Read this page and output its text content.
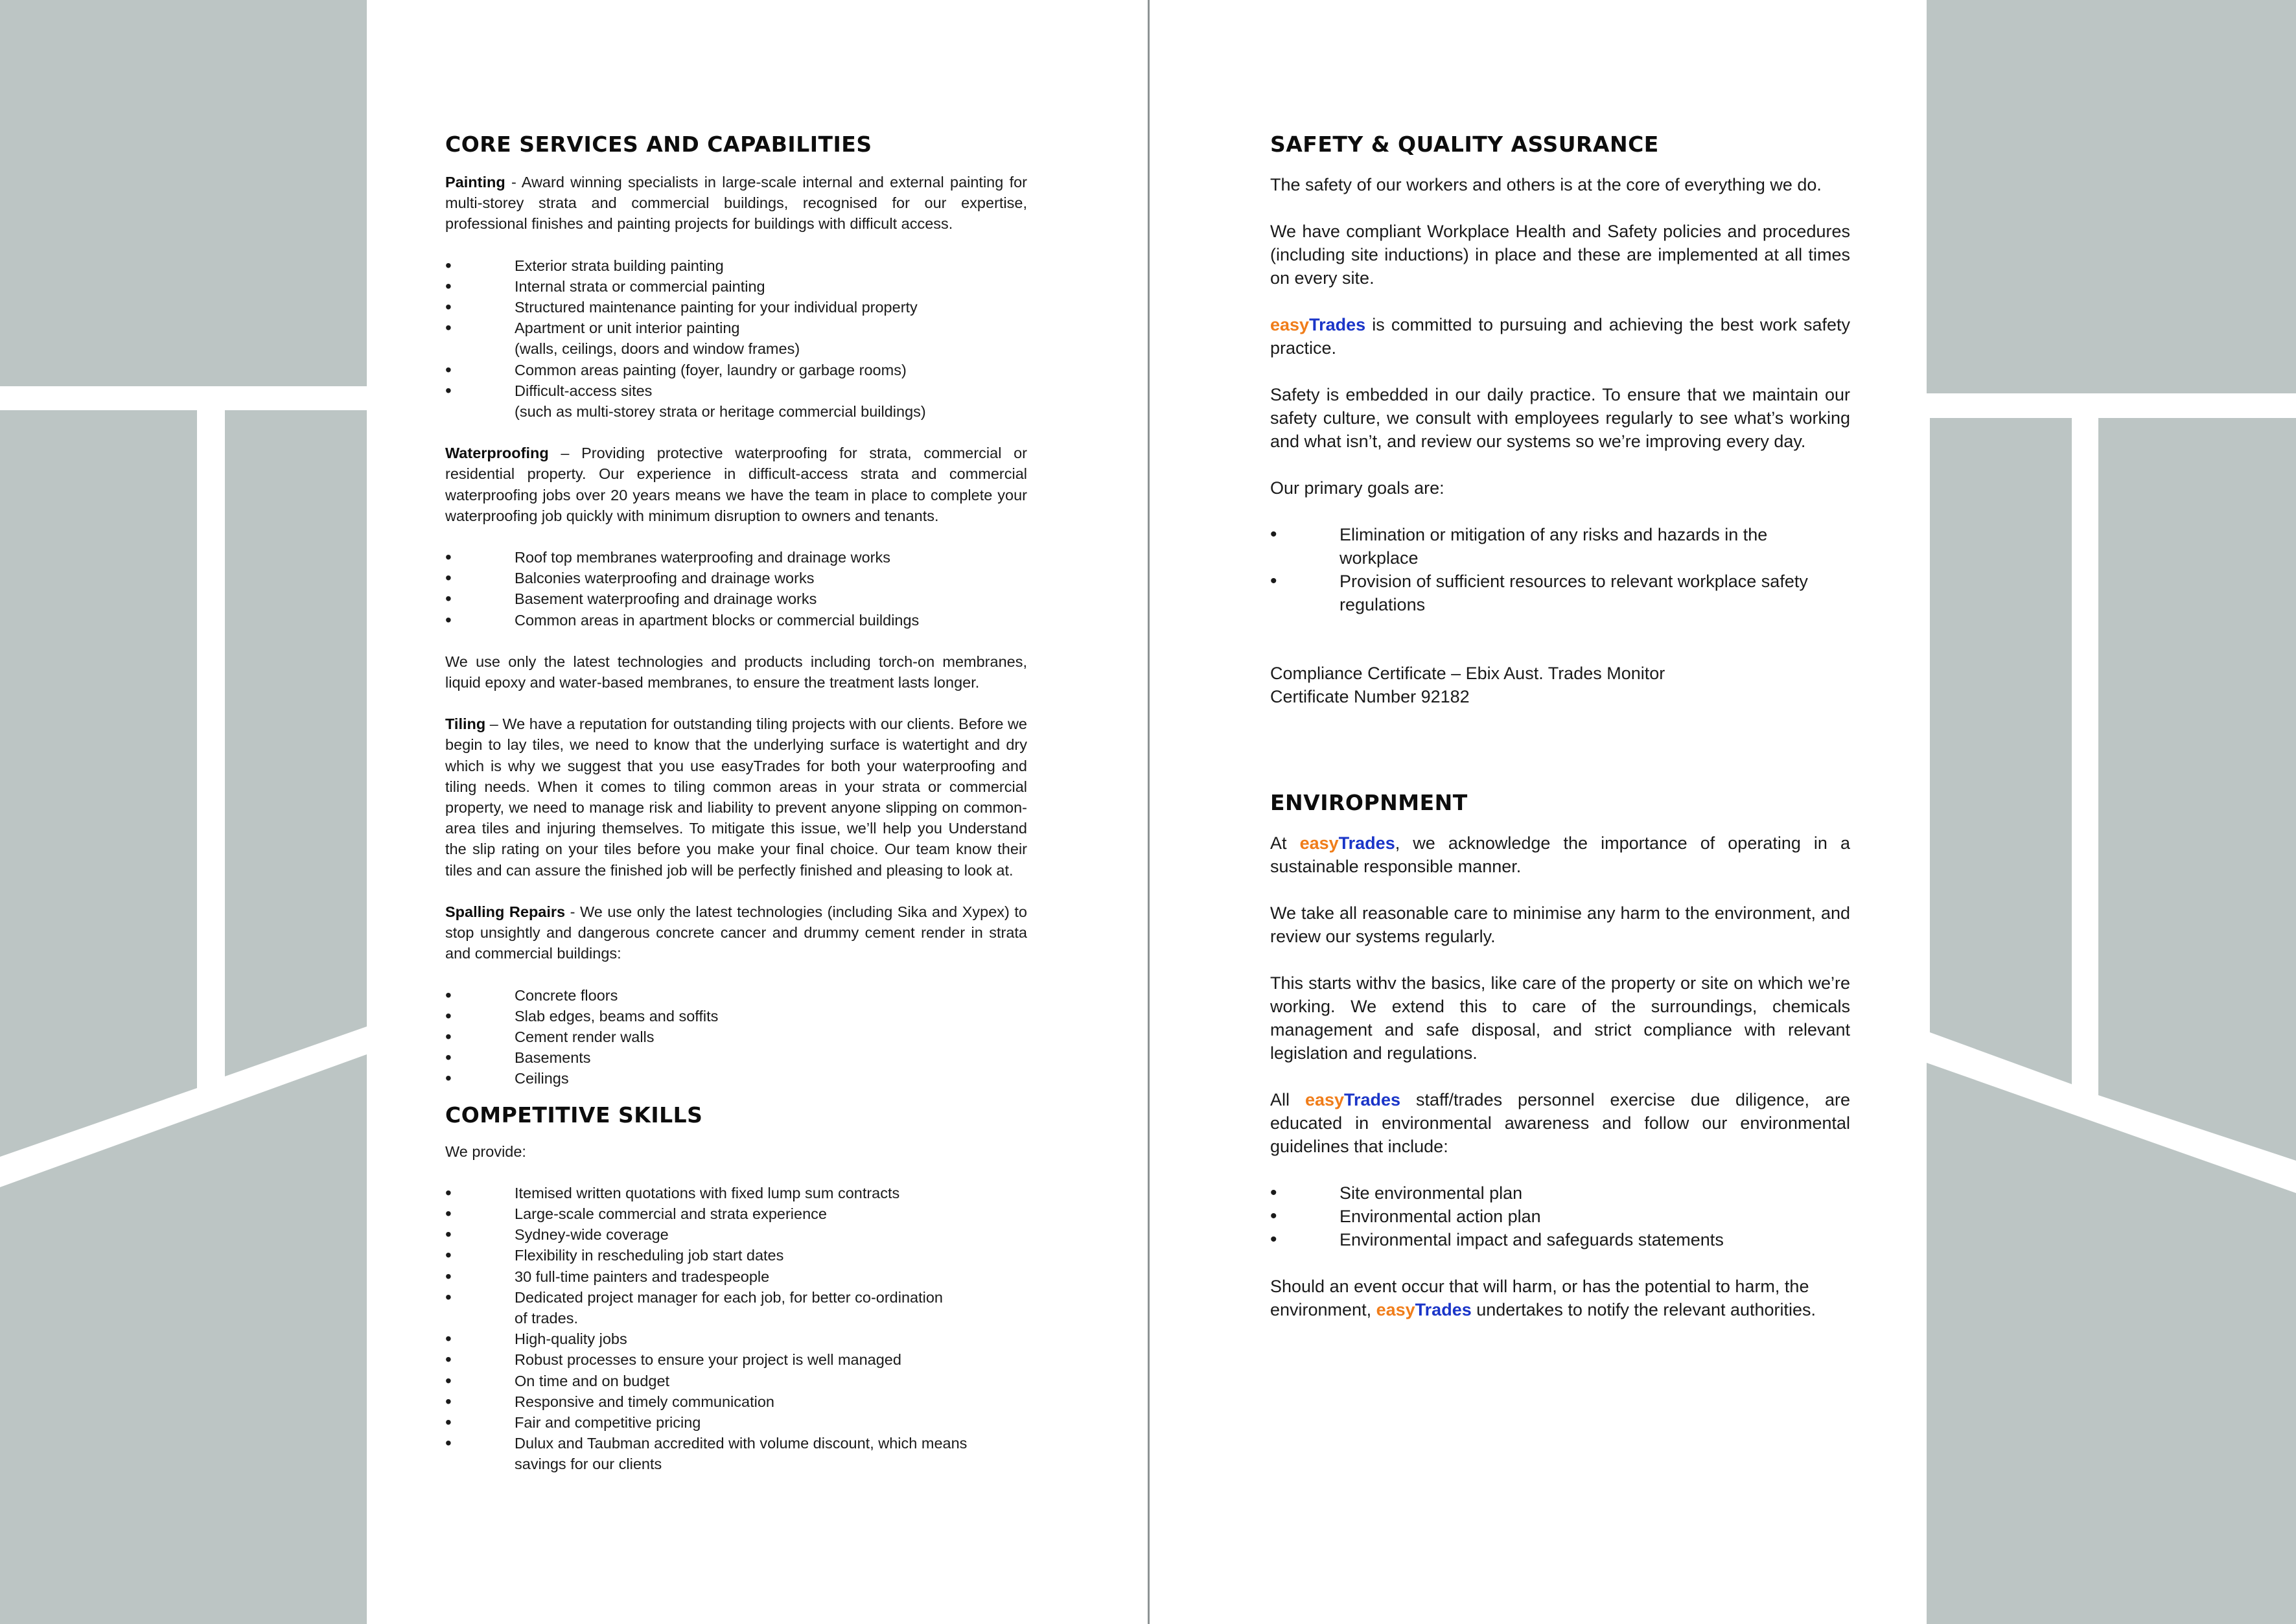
CORE SERVICES AND CAPABILITIES

Painting - Award winning specialists in large-scale internal and external painting for multi-storey strata and commercial buildings, recognised for our expertise, professional finishes and painting projects for buildings with difficult access.

•	Exterior strata building painting
•	Internal strata or commercial painting
•	Structured maintenance painting for your individual property
•	Apartment or unit interior painting
(walls, ceilings, doors and window frames)
•	Common areas painting (foyer, laundry or garbage rooms)
•	Difficult-access sites
(such as multi-storey strata or heritage commercial buildings)

Waterproofing – Providing protective waterproofing for strata, commercial or residential property. Our experience in difficult-access strata and commercial waterproofing jobs over 20 years means we have the team in place to complete your waterproofing job quickly with minimum disruption to owners and tenants.

•	Roof top membranes waterproofing and drainage works
•	Balconies waterproofing and drainage works
•	Basement waterproofing and drainage works
•	Common areas in apartment blocks or commercial buildings

We use only the latest technologies and products including torch-on membranes, liquid epoxy and water-based membranes, to ensure the treatment lasts longer.

Tiling – We have a reputation for outstanding tiling projects with our clients. Before we begin to lay tiles, we need to know that the underlying surface is watertight and dry which is why we suggest that you use easyTrades for both your waterproofing and tiling needs. When it comes to tiling common areas in your strata or commercial property, we need to manage risk and liability to prevent anyone slipping on common-area tiles and injuring themselves. To mitigate this issue, we’ll help you Understand the slip rating on your tiles before you make your final choice. Our team know their tiles and can assure the finished job will be perfectly finished and pleasing to look at.

Spalling Repairs - We use only the latest technologies (including Sika and Xypex) to stop unsightly and dangerous concrete cancer and drummy cement render in strata and commercial buildings:

•	Concrete floors
•	Slab edges, beams and soffits
•	Cement render walls
•	Basements
•	Ceilings
COMPETITIVE SKILLS

We provide:

•	Itemised written quotations with fixed lump sum contracts
•	Large-scale commercial and strata experience
•	Sydney-wide coverage
•	Flexibility in rescheduling job start dates
•	30 full-time painters and tradespeople
•	Dedicated project manager for each job, for better co-ordination
of trades.
•	High-quality jobs
•	Robust processes to ensure your project is well managed
•	On time and on budget
•	Responsive and timely communication
•	Fair and competitive pricing
•	Dulux and Taubman accredited with volume discount, which means
savings for our clients
SAFETY & QUALITY ASSURANCE

The safety of our workers and others is at the core of everything we do.

We have compliant Workplace Health and Safety policies and procedures (including site inductions) in place and these are implemented at all times on every site.

easyTrades is committed to pursuing and achieving the best work safety practice.

Safety is embedded in our daily practice. To ensure that we maintain our safety culture, we consult with employees regularly to see what’s working and what isn’t, and review our systems so we’re improving every day.

Our primary goals are:

•	Elimination or mitigation of any risks and hazards in the workplace
•	Provision of sufficient resources to relevant workplace safety regulations

Compliance Certificate – Ebix Aust. Trades Monitor

Certificate Number 92182

ENVIROPNMENT

At easyTrades, we acknowledge the importance of operating in a sustainable responsible manner.

We take all reasonable care to minimise any harm to the environment, and review our systems regularly.

This starts withv the basics, like care of the property or site on which we’re working. We extend this to care of the surroundings, chemicals management and safe disposal, and strict compliance with relevant legislation and regulations.

All easyTrades staff/trades personnel exercise due diligence, are educated in environmental awareness and follow our environmental guidelines that include:

•	Site environmental plan
•	Environmental action plan
•	Environmental impact and safeguards statements

Should an event occur that will harm, or has the potential to harm, the environment, easyTrades undertakes to notify the relevant authorities.
